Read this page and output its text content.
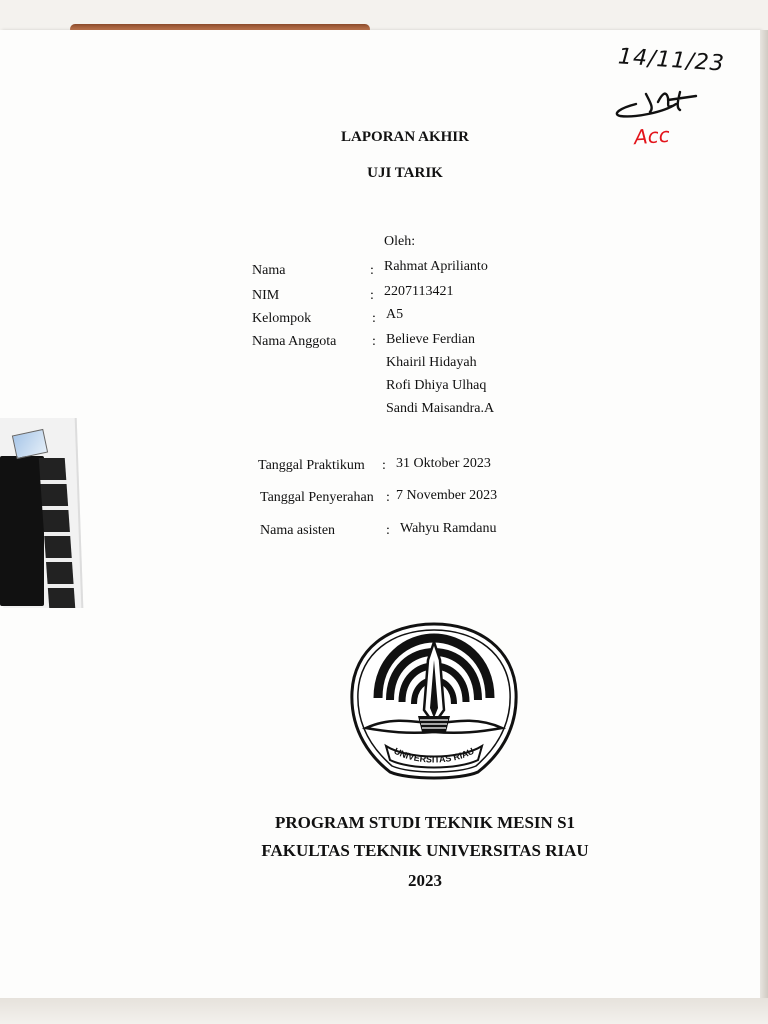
14/11/23
Acc
LAPORAN AKHIR
UJI TARIK
Oleh:
Nama	: Rahmat Aprilianto
NIM	: 2207113421
Kelompok	: A5
Nama Anggota	: Believe Ferdian
Khairil Hidayah
Rofi Dhiya Ulhaq
Sandi Maisandra.A
Tanggal Praktikum : 31 Oktober 2023
Tanggal Penyerahan : 7 November 2023
Nama asisten	: Wahyu Ramdanu
UNIVERSITAS RIAU
PROGRAM STUDI TEKNIK MESIN S1
FAKULTAS TEKNIK UNIVERSITAS RIAU
2023
